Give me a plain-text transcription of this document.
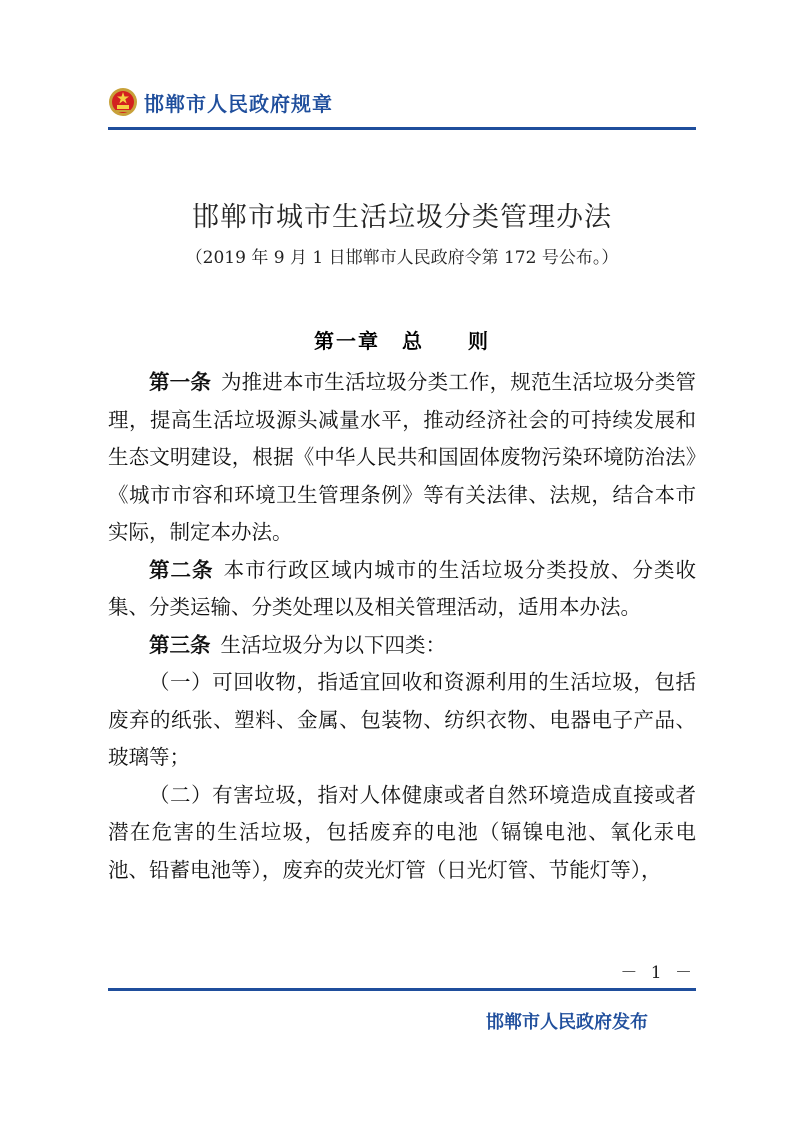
邯郸市人民政府规章
邯郸市城市生活垃圾分类管理办法
（2019 年 9 月 1 日邯郸市人民政府令第 172 号公布。）
第一章　总　　则

第一条 为推进本市生活垃圾分类工作，规范生活垃圾分类管理，提高生活垃圾源头减量水平，推动经济社会的可持续发展和生态文明建设，根据《中华人民共和国固体废物污染环境防治法》《城市市容和环境卫生管理条例》等有关法律、法规，结合本市实际，制定本办法。

第二条 本市行政区域内城市的生活垃圾分类投放、分类收集、分类运输、分类处理以及相关管理活动，适用本办法。

第三条 生活垃圾分为以下四类：

（一）可回收物，指适宜回收和资源利用的生活垃圾，包括废弃的纸张、塑料、金属、包装物、纺织衣物、电器电子产品、玻璃等；

（二）有害垃圾，指对人体健康或者自然环境造成直接或者潜在危害的生活垃圾，包括废弃的电池（镉镍电池、氧化汞电池、铅蓄电池等），废弃的荧光灯管（日光灯管、节能灯等），

－ 1 －
邯郸市人民政府发布
